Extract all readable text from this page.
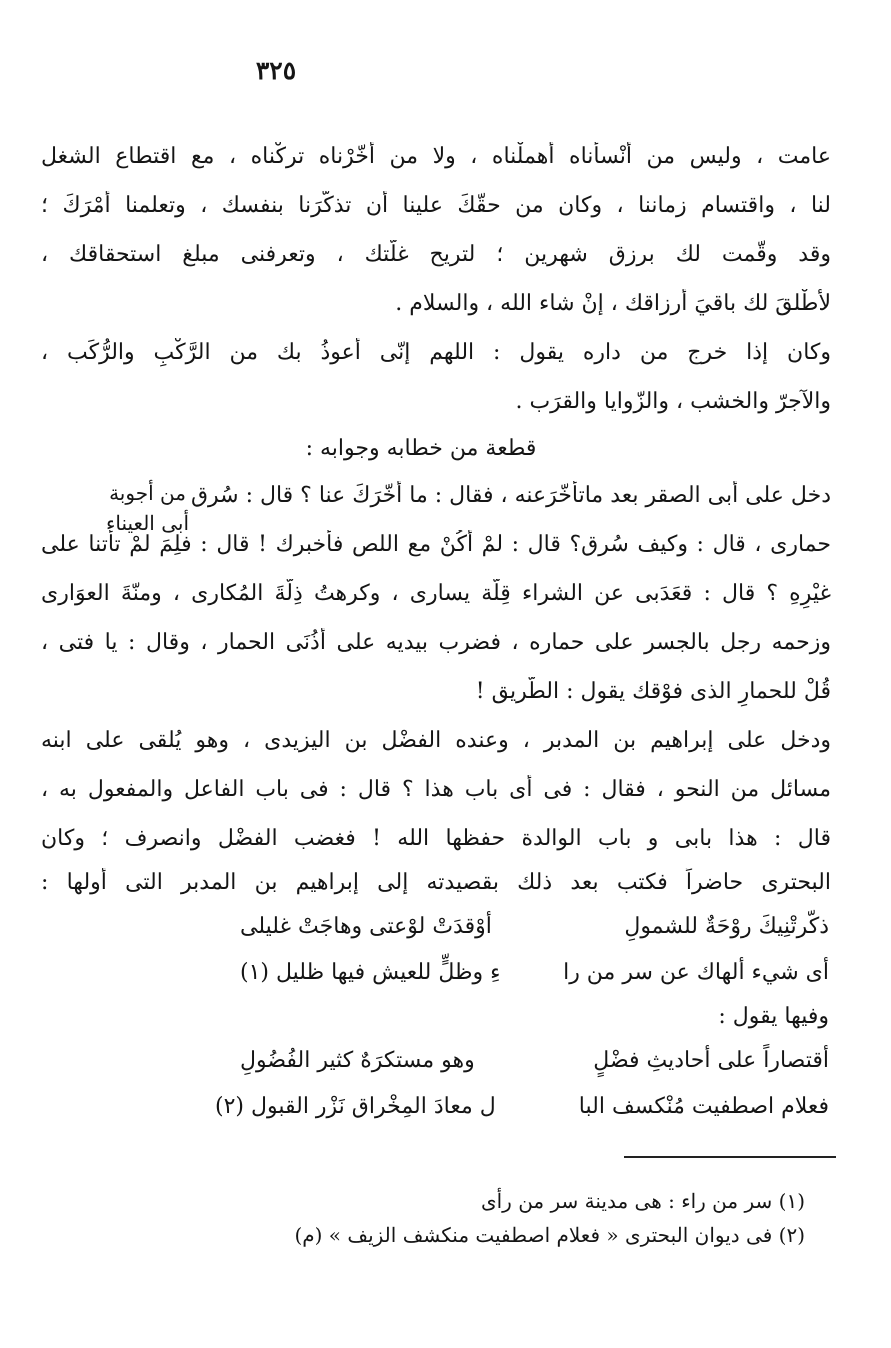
٣٢٥
عامت ، وليس من أنْسأناه أهملْناه ، ولا من أخّرْناه تركْناه ، مع اقتطاع الشغل
لنا ، واقتسام زماننا ، وكان من حقّكَ علينا أن تذكّرَنا بنفسك ، وتعلمنا أمْرَكَ ؛
وقد وقّمت لك برزق شهرين ؛ لتريح غلّتك ، وتعرفنى مبلغ استحقاقك ،
لأُطْلقَ لك باقيَ أرزاقك ، إنْ شاء الله ، والسلام .
وكان إذا خرج من داره يقول : اللهم إنّى أعوذُ بك من الرَّكْبِ والرُّكَب ،
والآجرّ والخشب ، والزّوايا والقرَب .
قطعة من خطابه وجوابه :
من أجوبة
أبى العيناء
دخل على أبى الصقر بعد ماتأخّرَعنه ، فقال : ما أخّرَكَ عنا ؟ قال : سُرق
حمارى ، قال : وكيف سُرق؟ قال : لمْ أكُنْ مع اللص فأخبرك ! قال : فلِمَ لمْ تأتنا على
غيْرِهِ ؟ قال : قعَدَبى عن الشراء قِلّة يسارى ، وكرهتُ ذِلّةَ المُكارى ، ومنّةَ العوَارى
وزحمه رجل بالجسر على حماره ، فضرب بيديه على أذُنَى الحمار ، وقال : يا فتى ،
قُلْ للحمارِ الذى فوْقك يقول : الطّريق !
ودخل على إبراهيم بن المدبر ، وعنده الفضْل بن اليزيدى ، وهو يُلقى على ابنه
مسائل من النحو ، فقال : فى أى باب هذا ؟ قال : فى باب الفاعل والمفعول به ،
قال : هذا بابى و باب الوالدة حفظها الله ! فغضب الفضْل وانصرف ؛ وكان
البحترى حاضراً فكتب بعد ذلك بقصيدته إلى إبراهيم بن المدبر التى أولها :
ذكّرتْنِيكَ روْحَةٌ للشمولِ
أوْقدَتْ لوْعتى وهاجَتْ غليلى
أى شيء ألهاك عن سر من را
ءِ وظلٍّ للعيش فيها ظليل (١)
وفيها يقول :
أقتصاراً على أحاديثِ فضْلٍ
وهو مستكرَهٌ كثير الفُضُولِ
فعلام اصطفيت مُنْكسف البا
ل معادَ المِخْراق نَزْر القبول (٢)
(١) سر من راء : هى مدينة سر من رأى
(٢) فى ديوان البحترى « فعلام اصطفيت منكشف الزيف » (م)
